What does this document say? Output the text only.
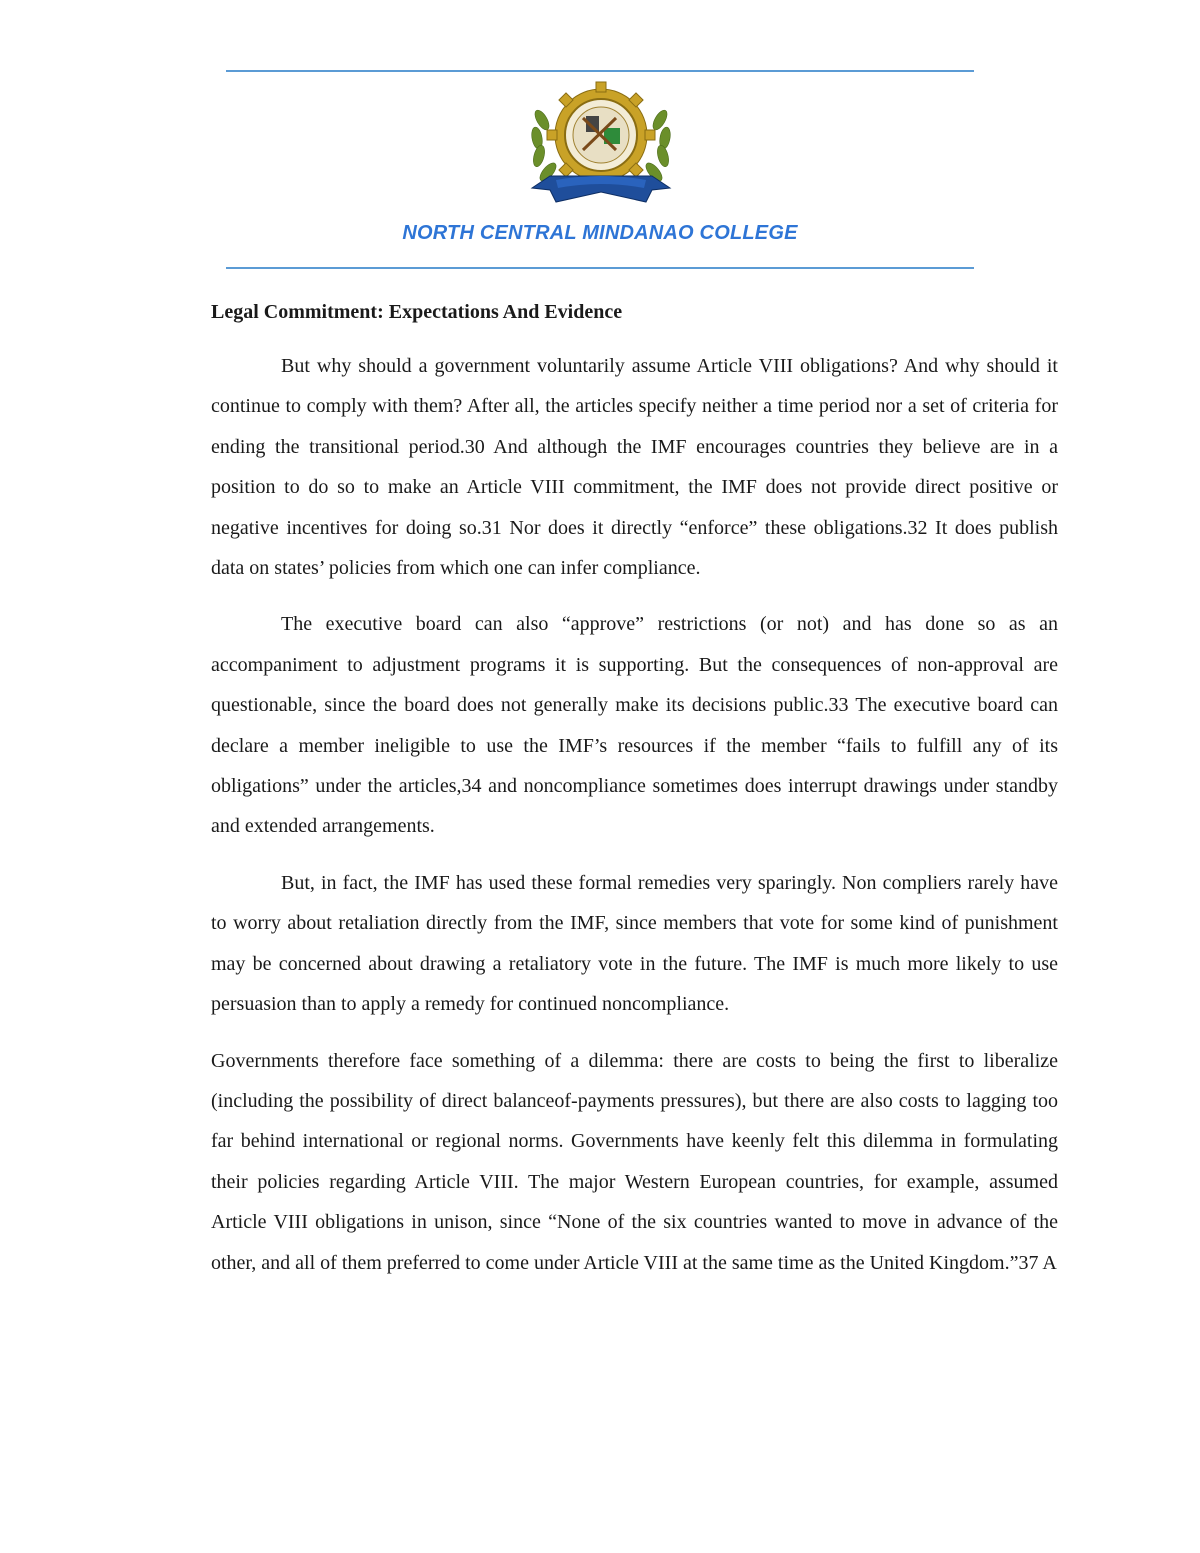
NORTH CENTRAL MINDANAO COLLEGE
Legal Commitment: Expectations And Evidence

But why should a government voluntarily assume Article VIII obligations? And why should it continue to comply with them? After all, the articles specify neither a time period nor a set of criteria for ending the transitional period.30 And although the IMF encourages countries they believe are in a position to do so to make an Article VIII commitment, the IMF does not provide direct positive or negative incentives for doing so.31 Nor does it directly “enforce” these obligations.32 It does publish data on states’ policies from which one can infer compliance.

The executive board can also “approve” restrictions (or not) and has done so as an accompaniment to adjustment programs it is supporting. But the consequences of non-approval are questionable, since the board does not generally make its decisions public.33 The executive board can declare a member ineligible to use the IMF’s resources if the member “fails to fulfill any of its obligations” under the articles,34 and noncompliance sometimes does interrupt drawings under standby and extended arrangements.

But, in fact, the IMF has used these formal remedies very sparingly. Non compliers rarely have to worry about retaliation directly from the IMF, since members that vote for some kind of punishment may be concerned about drawing a retaliatory vote in the future. The IMF is much more likely to use persuasion than to apply a remedy for continued noncompliance.

Governments therefore face something of a dilemma: there are costs to being the first to liberalize (including the possibility of direct balanceof-payments pressures), but there are also costs to lagging too far behind international or regional norms. Governments have keenly felt this dilemma in formulating their policies regarding Article VIII. The major Western European countries, for example, assumed Article VIII obligations in unison, since “None of the six countries wanted to move in advance of the other, and all of them preferred to come under Article VIII at the same time as the United Kingdom.”37 A
